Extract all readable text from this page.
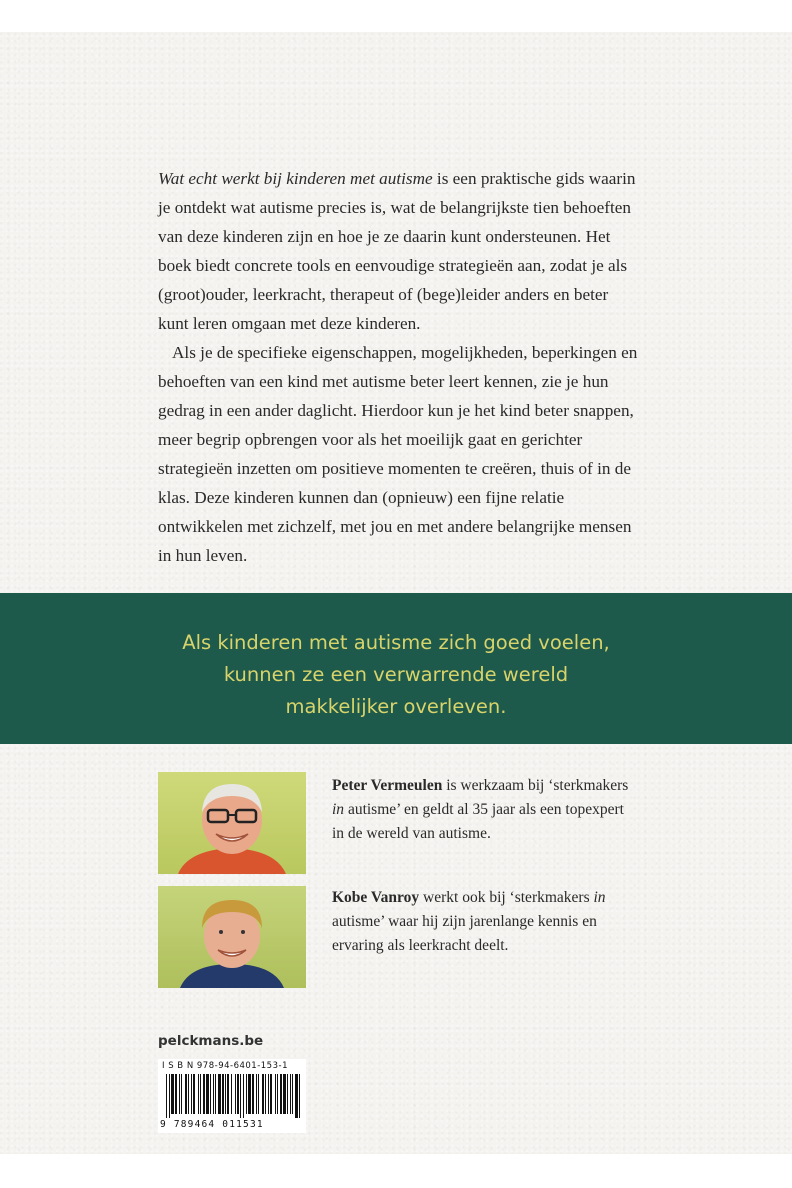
Wat echt werkt bij kinderen met autisme is een praktische gids waarin je ontdekt wat autisme precies is, wat de belangrijkste tien behoeften van deze kinderen zijn en hoe je ze daarin kunt ondersteunen. Het boek biedt concrete tools en eenvoudige strategieën aan, zodat je als (groot)ouder, leerkracht, therapeut of (bege)leider anders en beter kunt leren omgaan met deze kinderen.

Als je de specifieke eigenschappen, mogelijkheden, beperkingen en behoeften van een kind met autisme beter leert kennen, zie je hun gedrag in een ander daglicht. Hierdoor kun je het kind beter snappen, meer begrip opbrengen voor als het moeilijk gaat en gerichter strategieën inzetten om positieve momenten te creëren, thuis of in de klas. Deze kinderen kunnen dan (opnieuw) een fijne relatie ontwikkelen met zichzelf, met jou en met andere belangrijke mensen in hun leven.

Als kinderen met autisme zich goed voelen,
kunnen ze een verwarrende wereld
makkelijker overleven.
Peter Vermeulen is werkzaam bij ‘sterkmakers in autisme’ en geldt al 35 jaar als een topexpert in de wereld van autisme.
Kobe Vanroy werkt ook bij ‘sterkmakers in autisme’ waar hij zijn jarenlange kennis en ervaring als leerkracht deelt.
pelckmans.be
I S B N 978-94-6401-153-1
9 789464 011531
